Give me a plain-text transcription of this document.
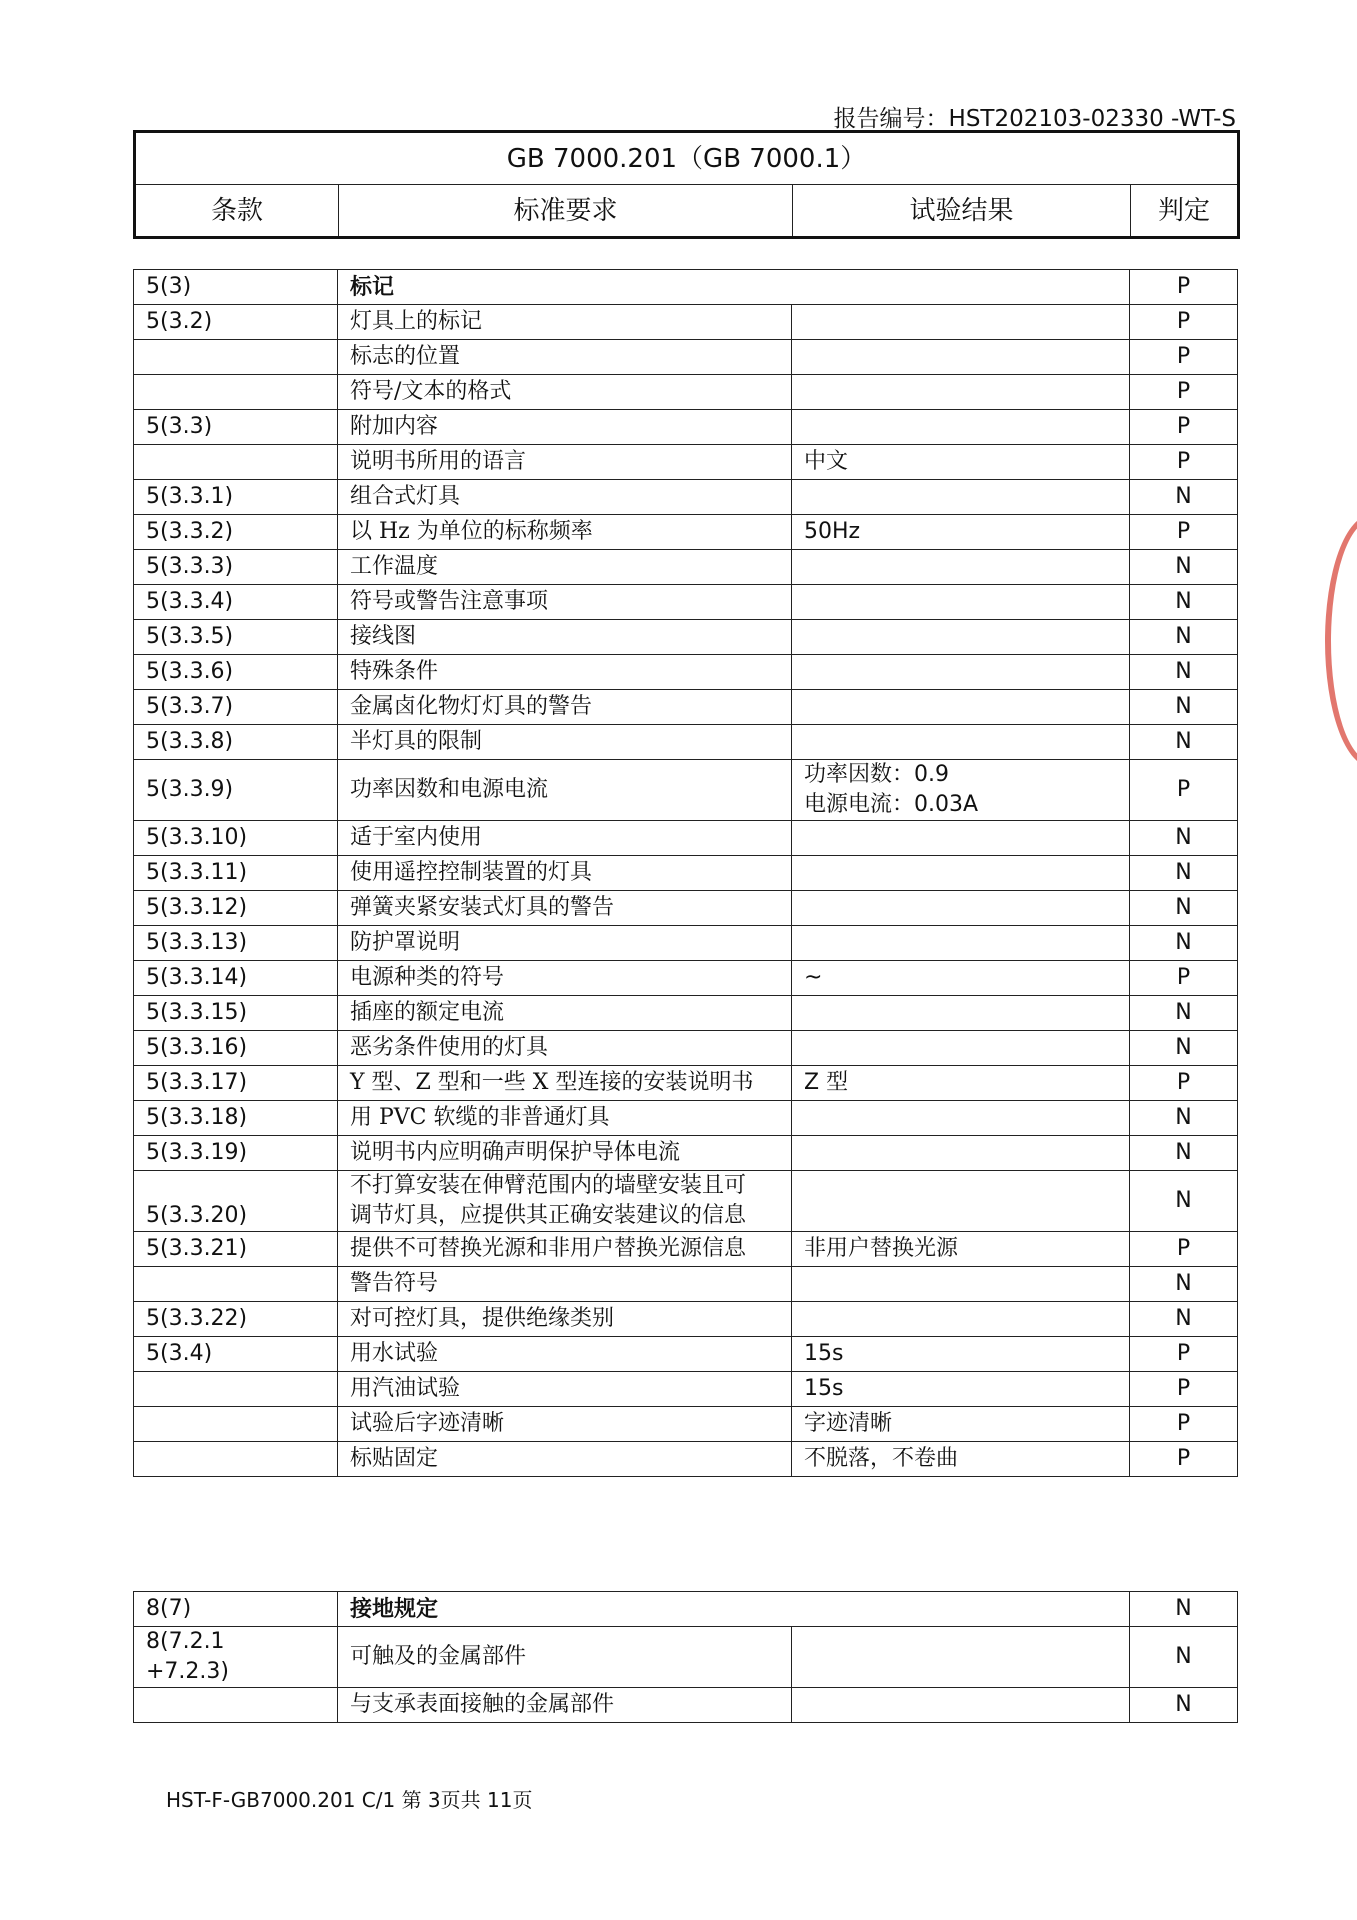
报告编号：HST202103-02330 -WT-S
GB 7000.201（GB 7000.1）
条款	标准要求	试验结果	判定
5(3)	标记		P

5(3.2)	灯具上的标记		P

	标志的位置		P

	符号/文本的格式		P

5(3.3)	附加内容		P

	说明书所用的语言	中文	P

5(3.3.1)	组合式灯具		N

5(3.3.2)	以 Hz 为单位的标称频率	50Hz	P

5(3.3.3)	工作温度		N

5(3.3.4)	符号或警告注意事项		N

5(3.3.5)	接线图		N

5(3.3.6)	特殊条件		N

5(3.3.7)	金属卤化物灯灯具的警告		N

5(3.3.8)	半灯具的限制		N

5(3.3.9)	功率因数和电源电流	功率因数：0.9
电源电流：0.03A	P

5(3.3.10)	适于室内使用		N

5(3.3.11)	使用遥控控制装置的灯具		N

5(3.3.12)	弹簧夹紧安装式灯具的警告		N

5(3.3.13)	防护罩说明		N

5(3.3.14)	电源种类的符号	~	P

5(3.3.15)	插座的额定电流		N

5(3.3.16)	恶劣条件使用的灯具		N

5(3.3.17)	Y 型、Z 型和一些 X 型连接的安装说明书	Z 型	P

5(3.3.18)	用 PVC 软缆的非普通灯具		N

5(3.3.19)	说明书内应明确声明保护导体电流		N

5(3.3.20)	不打算安装在伸臂范围内的墙壁安装且可
调节灯具，应提供其正确安装建议的信息		N

5(3.3.21)	提供不可替换光源和非用户替换光源信息	非用户替换光源	P

	警告符号		N

5(3.3.22)	对可控灯具，提供绝缘类别		N

5(3.4)	用水试验	15s	P

	用汽油试验	15s	P

	试验后字迹清晰	字迹清晰	P

	标贴固定	不脱落，不卷曲	P
8(7)	接地规定		N

8(7.2.1
+7.2.3)	可触及的金属部件		N

	与支承表面接触的金属部件		N
HST-F-GB7000.201 C/1 第 3页共 11页
